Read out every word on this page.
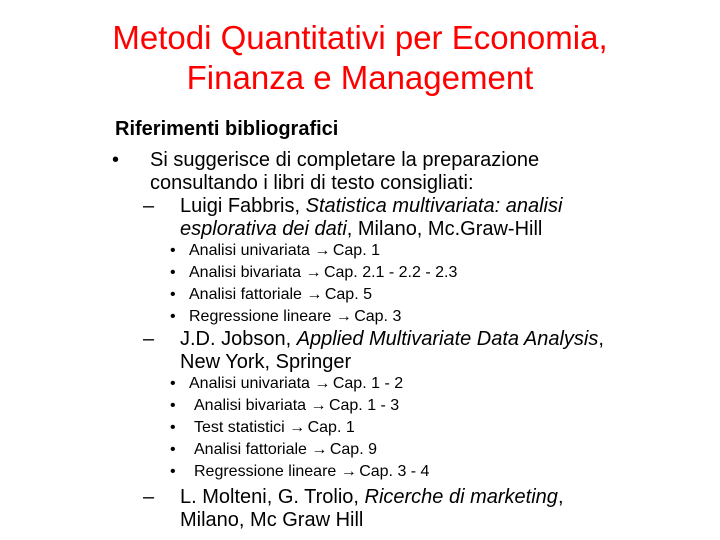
Metodi Quantitativi per Economia,
Finanza e Management
Riferimenti bibliografici
• Si suggerisce di completare la preparazione
consultando i libri di testo consigliati:
– Luigi Fabbris, Statistica multivariata: analisi
esplorativa dei dati, Milano, Mc.Graw-Hill
• Analisi univariata → Cap. 1
• Analisi bivariata → Cap. 2.1 - 2.2 - 2.3
• Analisi fattoriale → Cap. 5
• Regressione lineare → Cap. 3
– J.D. Jobson, Applied Multivariate Data Analysis,
New York, Springer
• Analisi univariata → Cap. 1 - 2
• Analisi bivariata → Cap. 1 - 3
• Test statistici → Cap. 1
• Analisi fattoriale → Cap. 9
• Regressione lineare → Cap. 3 - 4
– L. Molteni, G. Trolio, Ricerche di marketing,
Milano, Mc Graw Hill
